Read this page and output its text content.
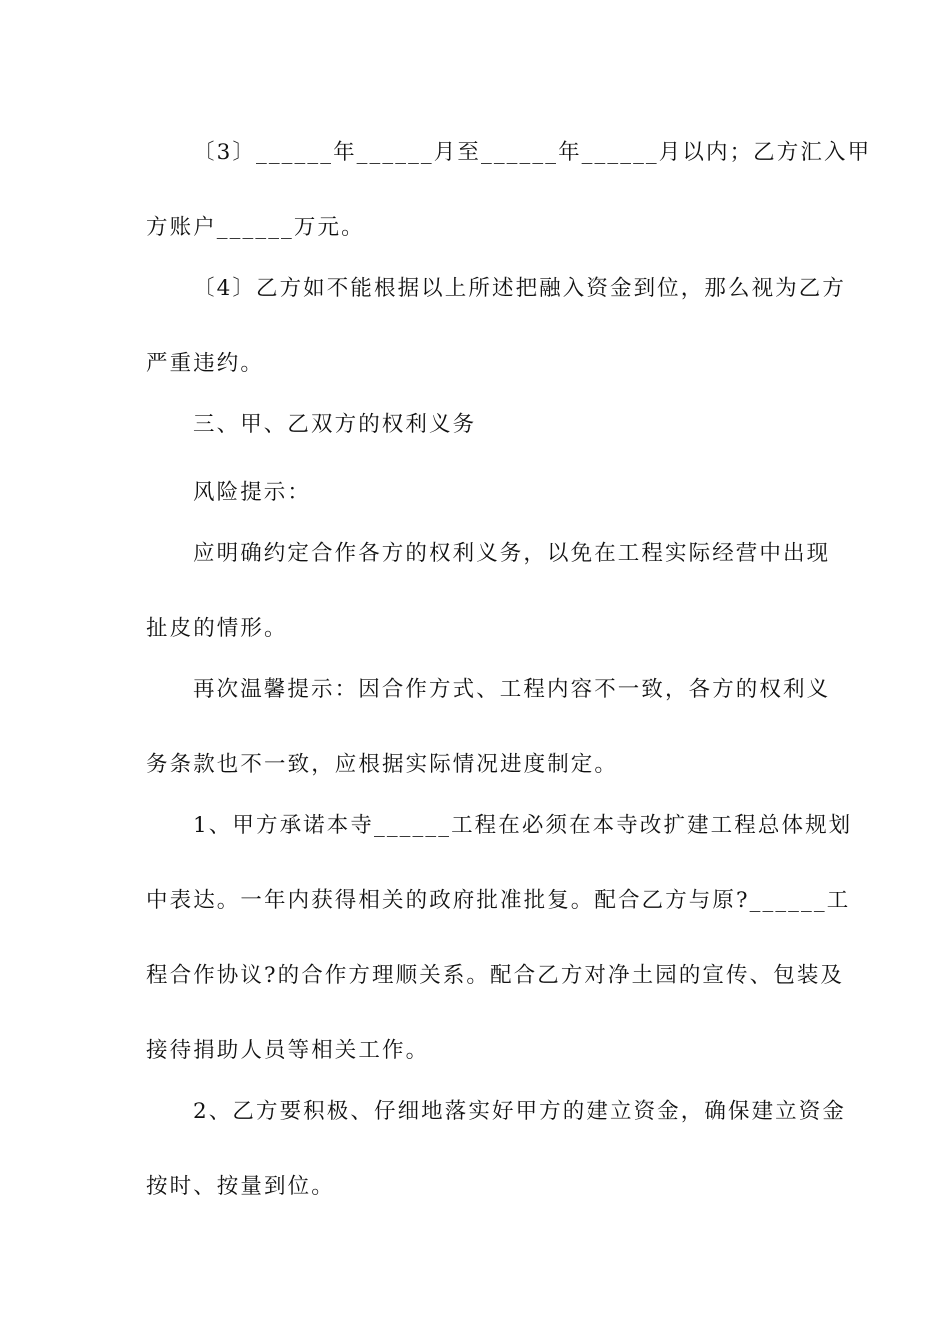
〔3〕______年______月至______年______月以内；乙方汇入甲
方账户______万元。
〔4〕乙方如不能根据以上所述把融入资金到位，那么视为乙方
严重违约。
三、甲、乙双方的权利义务
风险提示：
应明确约定合作各方的权利义务，以免在工程实际经营中出现
扯皮的情形。
再次温馨提示：因合作方式、工程内容不一致，各方的权利义
务条款也不一致，应根据实际情况进度制定。
1、甲方承诺本寺______工程在必须在本寺改扩建工程总体规划
中表达。一年内获得相关的政府批准批复。配合乙方与原?______工
程合作协议?的合作方理顺关系。配合乙方对净土园的宣传、包装及
接待捐助人员等相关工作。
2、乙方要积极、仔细地落实好甲方的建立资金，确保建立资金
按时、按量到位。
